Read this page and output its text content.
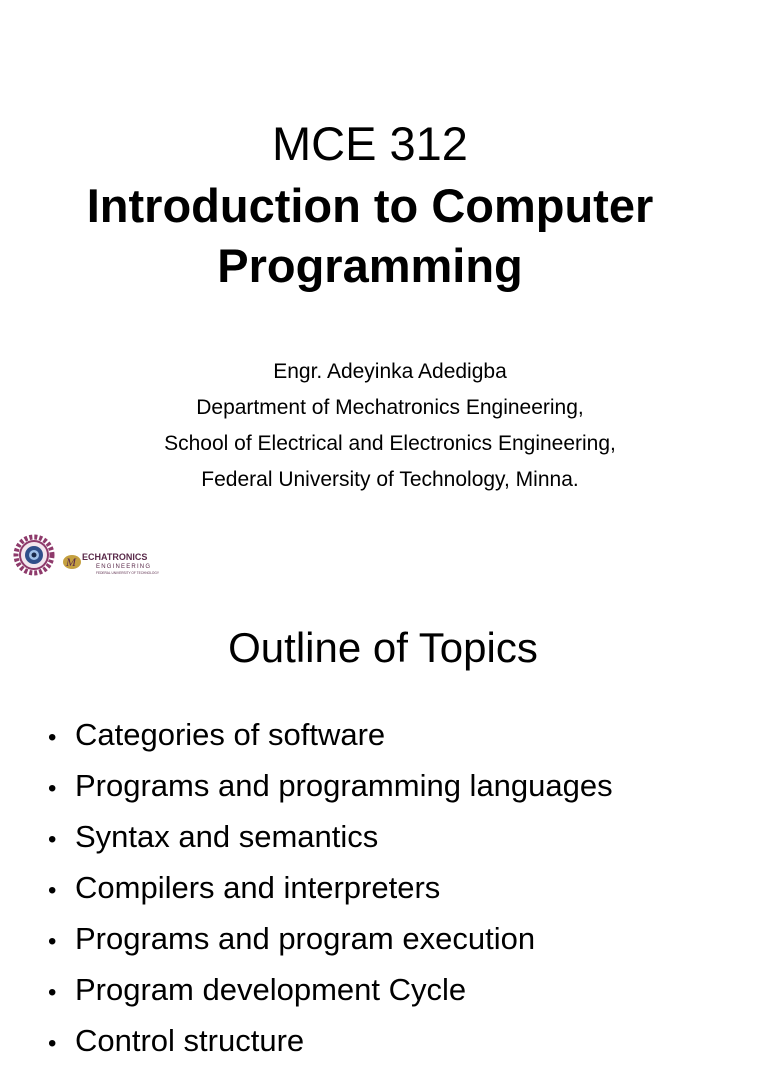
MCE 312
Introduction to Computer
Programming
Engr. Adeyinka Adedigba
Department of Mechatronics Engineering,
School of Electrical and Electronics Engineering,
Federal University of Technology, Minna.
M ECHATRONICS
ENGINEERING
FEDERAL UNIVERSITY OF TECHNOLOGY
Outline of Topics
• Categories of software
• Programs and programming languages
• Syntax and semantics
• Compilers and interpreters
• Programs and program execution
• Program development Cycle
• Control structure
